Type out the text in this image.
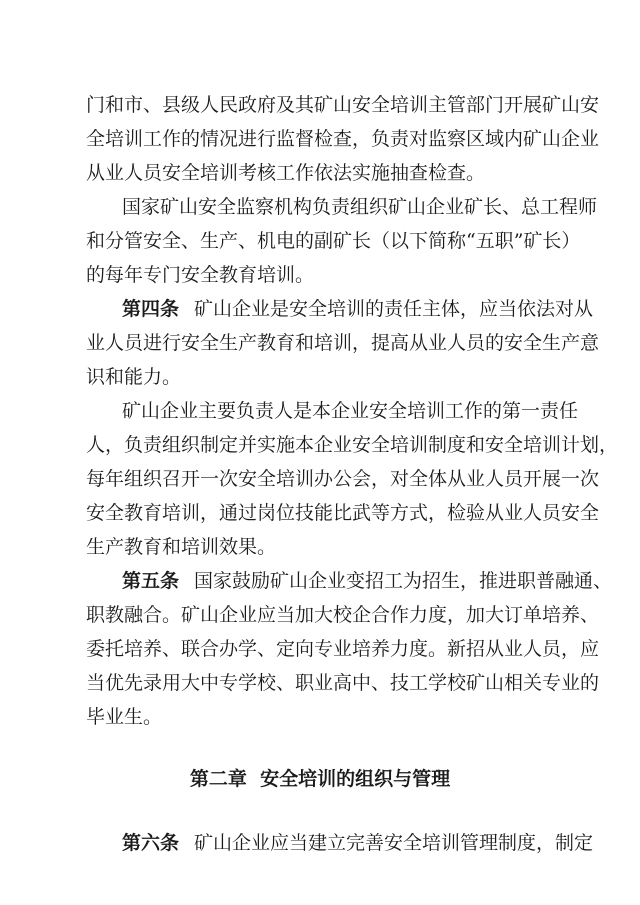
门和市、县级人民政府及其矿山安全培训主管部门开展矿山安
全培训工作的情况进行监督检查，负责对监察区域内矿山企业
从业人员安全培训考核工作依法实施抽查检查。
国家矿山安全监察机构负责组织矿山企业矿长、总工程师
和分管安全、生产、机电的副矿长（以下简称“五职”矿长）
的每年专门安全教育培训。
第四条 矿山企业是安全培训的责任主体，应当依法对从
业人员进行安全生产教育和培训，提高从业人员的安全生产意
识和能力。
矿山企业主要负责人是本企业安全培训工作的第一责任
人，负责组织制定并实施本企业安全培训制度和安全培训计划，
每年组织召开一次安全培训办公会，对全体从业人员开展一次
安全教育培训，通过岗位技能比武等方式，检验从业人员安全
生产教育和培训效果。
第五条 国家鼓励矿山企业变招工为招生，推进职普融通、
职教融合。矿山企业应当加大校企合作力度，加大订单培养、
委托培养、联合办学、定向专业培养力度。新招从业人员，应
当优先录用大中专学校、职业高中、技工学校矿山相关专业的
毕业生。
第二章  安全培训的组织与管理
第六条 矿山企业应当建立完善安全培训管理制度，制定
